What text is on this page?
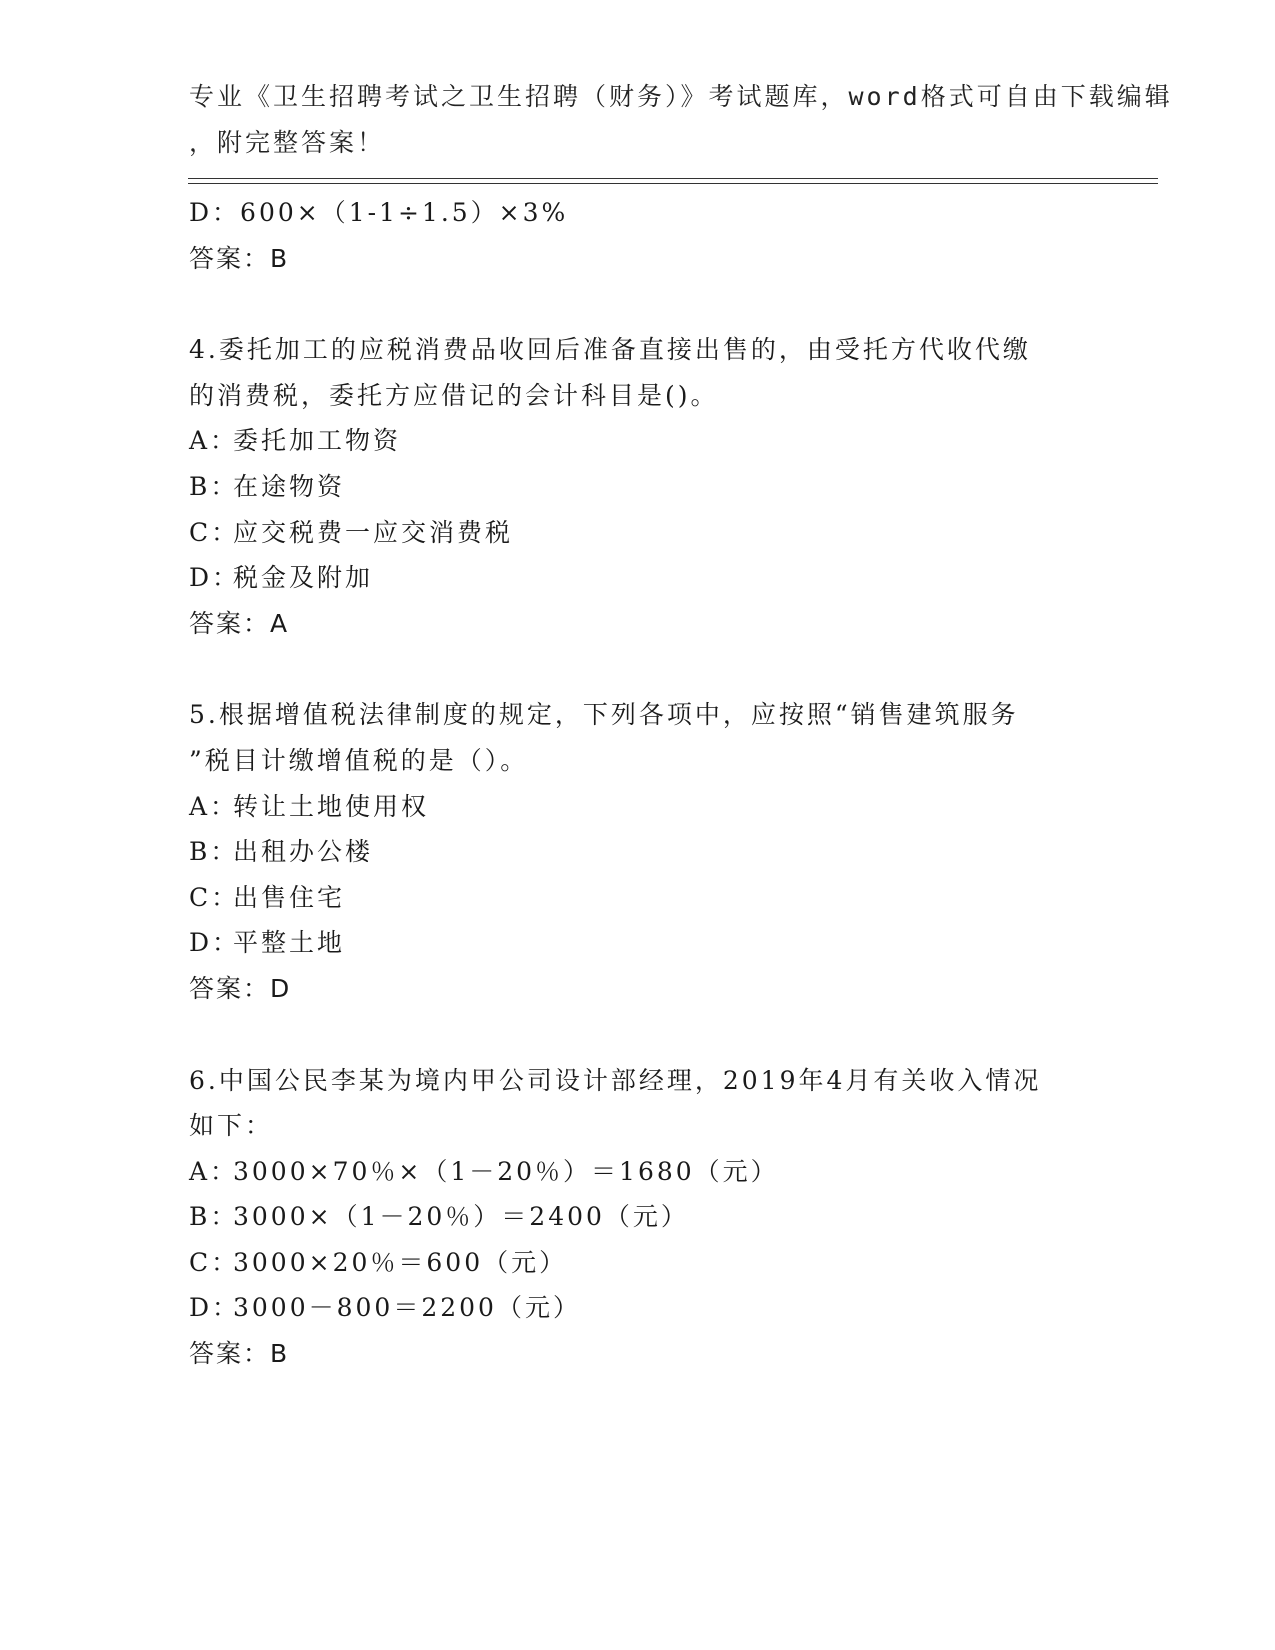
专业《卫生招聘考试之卫生招聘（财务）》考试题库，word格式可自由下载编辑
，附完整答案！
D：600×（1-1÷1.5）×3%
答案：B
4.委托加工的应税消费品收回后准备直接出售的，由受托方代收代缴
的消费税，委托方应借记的会计科目是()。
A：委托加工物资
B：在途物资
C：应交税费一应交消费税
D：税金及附加
答案：A
5.根据增值税法律制度的规定，下列各项中，应按照“销售建筑服务
”税目计缴增值税的是（）。
A：转让土地使用权
B：出租办公楼
C：出售住宅
D：平整土地
答案：D
6.中国公民李某为境内甲公司设计部经理，2019年4月有关收入情况
如下：
A：3000×70％×（1－20％）＝1680（元）
B：3000×（1－20％）＝2400（元）
C：3000×20％＝600（元）
D：3000－800＝2200（元）
答案：B
